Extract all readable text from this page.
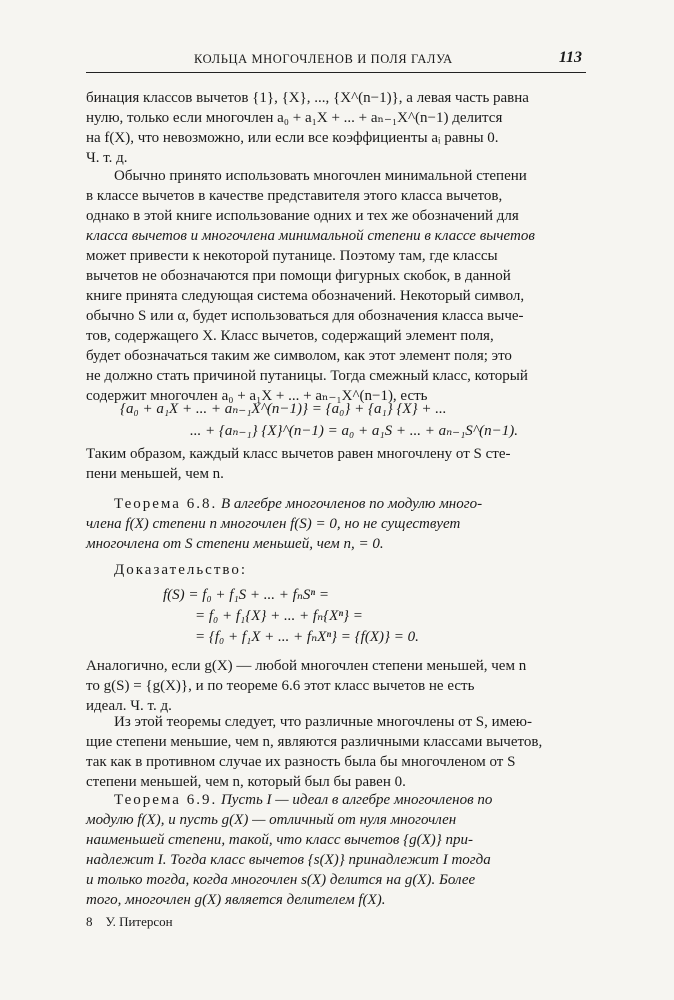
КОЛЬЦА МНОГОЧЛЕНОВ И ПОЛЯ ГАЛУА	113
бинация классов вычетов {1}, {X}, ..., {X^(n−1)}, а левая часть равна
нулю, только если многочлен a₀ + a₁X + ... + aₙ₋₁X^(n−1) делится
на f(X), что невозможно, или если все коэффициенты aᵢ равны 0.
Ч. т. д.
Обычно принято использовать многочлен минимальной степени
в классе вычетов в качестве представителя этого класса вычетов,
однако в этой книге использование одних и тех же обозначений для
класса вычетов и многочлена минимальной степени в классе вычетов
может привести к некоторой путанице. Поэтому там, где классы
вычетов не обозначаются при помощи фигурных скобок, в данной
книге принята следующая система обозначений. Некоторый символ,
обычно S или α, будет использоваться для обозначения класса выче-
тов, содержащего X. Класс вычетов, содержащий элемент поля,
будет обозначаться таким же символом, как этот элемент поля; это
не должно стать причиной путаницы. Тогда смежный класс, который
содержит многочлен a₀ + a₁X + ... + aₙ₋₁X^(n−1), есть
{a₀ + a₁X + ... + aₙ₋₁X^(n−1)} = {a₀} + {a₁} {X} + ...
... + {aₙ₋₁} {X}^(n−1) = a₀ + a₁S + ... + aₙ₋₁S^(n−1).
Таким образом, каждый класс вычетов равен многочлену от S сте-
пени меньшей, чем n.
Теорема 6.8. В алгебре многочленов по модулю много-
члена f(X) степени n многочлен f(S) = 0, но не существует
многочлена от S степени меньшей, чем n, = 0.
Доказательство:
f(S) = f₀ + f₁S + ... + fₙSⁿ =
= f₀ + f₁{X} + ... + fₙ{Xⁿ} =
= {f₀ + f₁X + ... + fₙXⁿ} = {f(X)} = 0.
Аналогично, если g(X) — любой многочлен степени меньшей, чем n
то g(S) = {g(X)}, и по теореме 6.6 этот класс вычетов не есть
идеал. Ч. т. д.
Из этой теоремы следует, что различные многочлены от S, имею-
щие степени меньшие, чем n, являются различными классами вычетов,
так как в противном случае их разность была бы многочленом от S
степени меньшей, чем n, который был бы равен 0.
Теорема 6.9. Пусть I — идеал в алгебре многочленов по
модулю f(X), и пусть g(X) — отличный от нуля многочлен
наименьшей степени, такой, что класс вычетов {g(X)} при-
надлежит I. Тогда класс вычетов {s(X)} принадлежит I тогда
и только тогда, когда многочлен s(X) делится на g(X). Более
того, многочлен g(X) является делителем f(X).
8 У. Питерсон
